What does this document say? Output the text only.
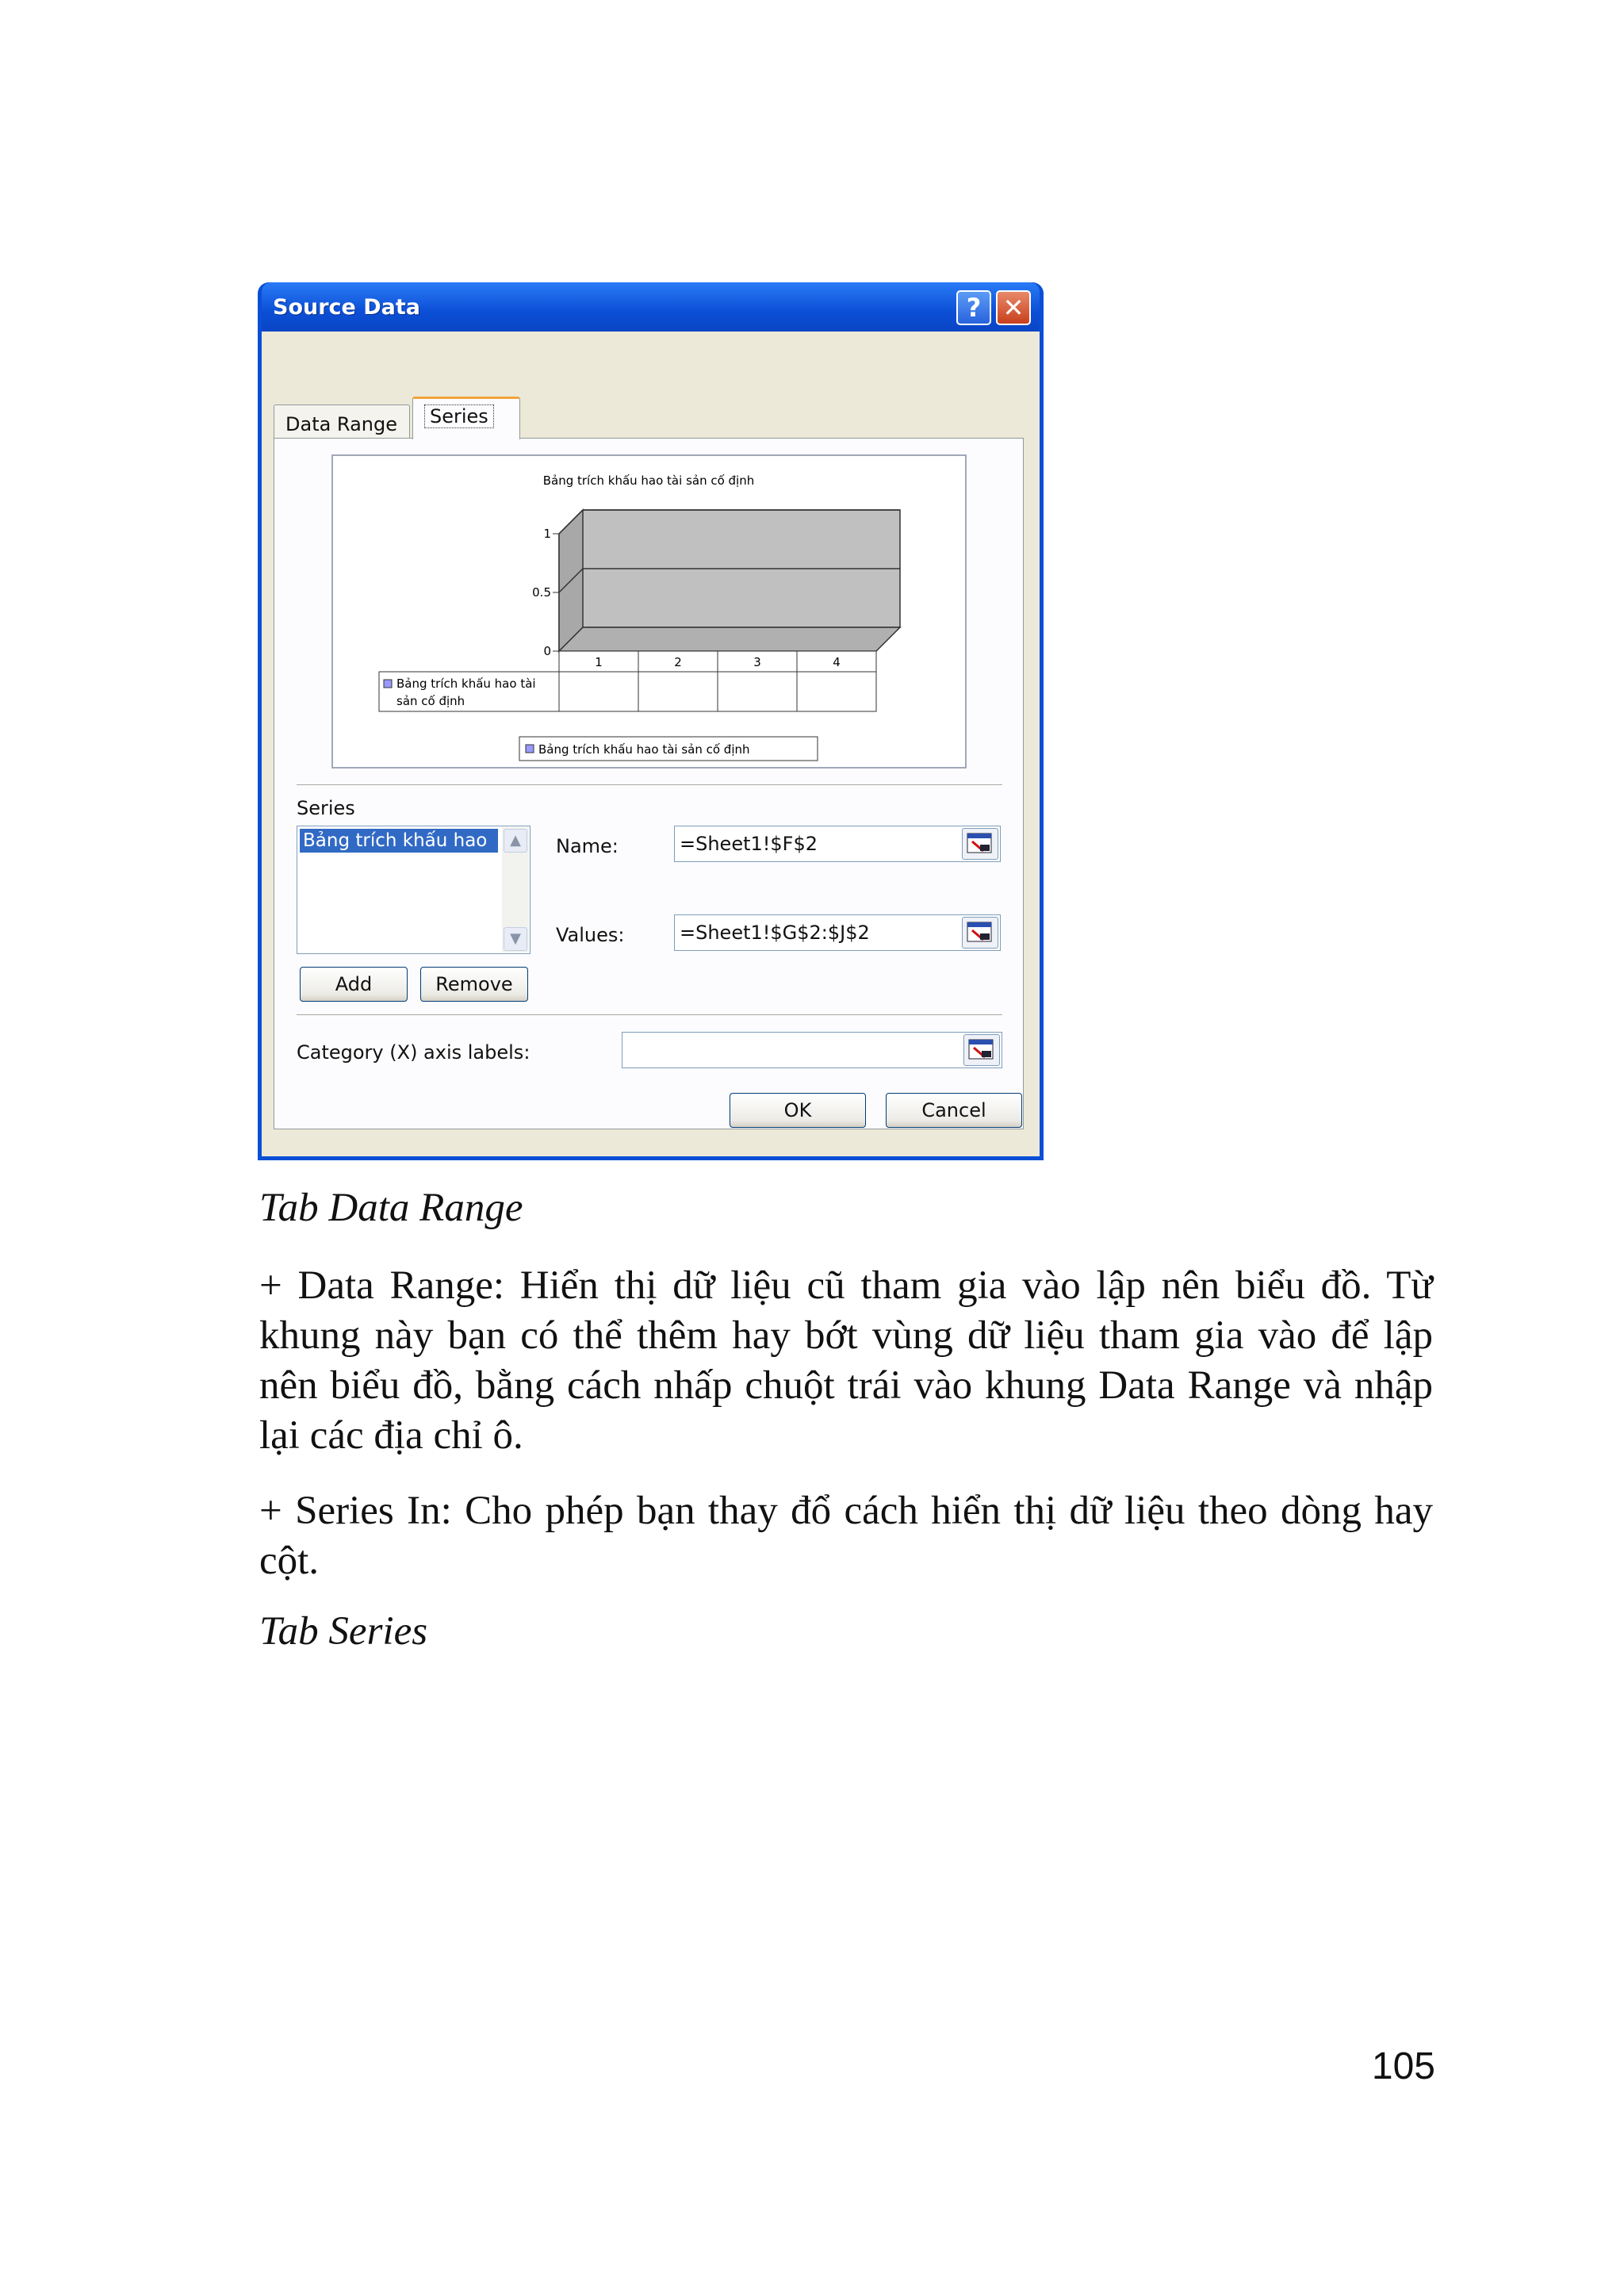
Source Data	? ✕
Data Range	Series
Bảng trích khấu hao tài sản cố định
0
0.5
1
1	2	3	4
Bảng trích khấu hao tài
sản cố định
Bảng trích khấu hao tài sản cố định
Series
Bảng trích khấu hao	▲
▼
Add	Remove
Name:	=Sheet1!$F$2
Values:	=Sheet1!$G$2:$J$2
Category (X) axis labels:
OK	Cancel
Tab Data Range
+ Data Range: Hiển thị dữ liệu cũ tham gia vào lập nên biểu đồ. Từ khung này bạn có thể thêm hay bớt vùng dữ liệu tham gia vào để lập nên biểu đồ, bằng cách nhấp chuột trái vào khung Data Range và nhập lại các địa chỉ ô.
+ Series In: Cho phép bạn thay đổ cách hiển thị dữ liệu theo dòng hay cột.
Tab Series
105
